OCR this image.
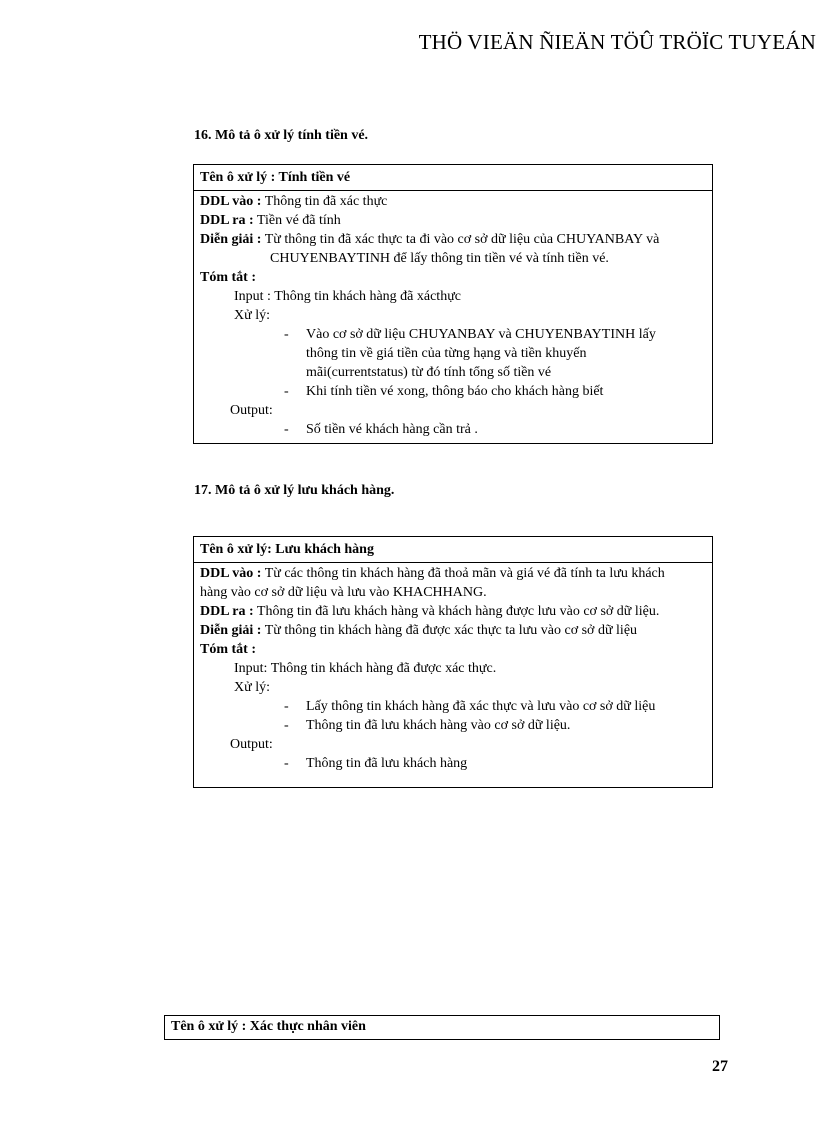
THÖ VIEÄN ÑIEÄN TÖÛ TRÖÏC TUYEÁN
16. Mô tả ô xử lý tính tiền vé.
Tên ô xử lý : Tính tiền vé
DDL vào : Thông tin đã xác thực
DDL ra : Tiền vé đã tính
Diễn giải : Từ thông tin đã xác thực ta đi vào cơ sở dữ liệu của CHUYANBAY và
CHUYENBAYTINH để lấy thông tin tiền vé và tính tiền vé.
Tóm tắt :
Input : Thông tin khách hàng đã xácthực
Xử lý:
- Vào cơ sở dữ liệu CHUYANBAY và CHUYENBAYTINH lấy
thông tin về giá tiền của từng hạng và tiền khuyến
mãi(currentstatus) từ đó tính tổng số tiền vé
- Khi tính tiền vé xong, thông báo cho khách hàng biết
Output:
- Số tiền vé khách hàng cần trả .
17. Mô tả ô xử lý lưu khách hàng.
Tên ô xử lý: Lưu khách hàng
DDL vào : Từ các thông tin khách hàng đã thoả mãn và giá vé đã tính ta lưu khách
hàng vào cơ sở dữ liệu và lưu vào KHACHHANG.
DDL ra : Thông tin đã lưu khách hàng và khách hàng được lưu vào cơ sở dữ liệu.
Diễn giải : Từ thông tin khách hàng đã được xác thực ta lưu vào cơ sở dữ liệu
Tóm tắt :
Input: Thông tin khách hàng đã được xác thực.
Xử lý:
- Lấy thông tin khách hàng đã xác thực và lưu vào cơ sở dữ liệu
- Thông tin đã lưu khách hàng vào cơ sở dữ liệu.
Output:
- Thông tin đã lưu khách hàng
Tên ô xử lý : Xác thực nhân viên
27
